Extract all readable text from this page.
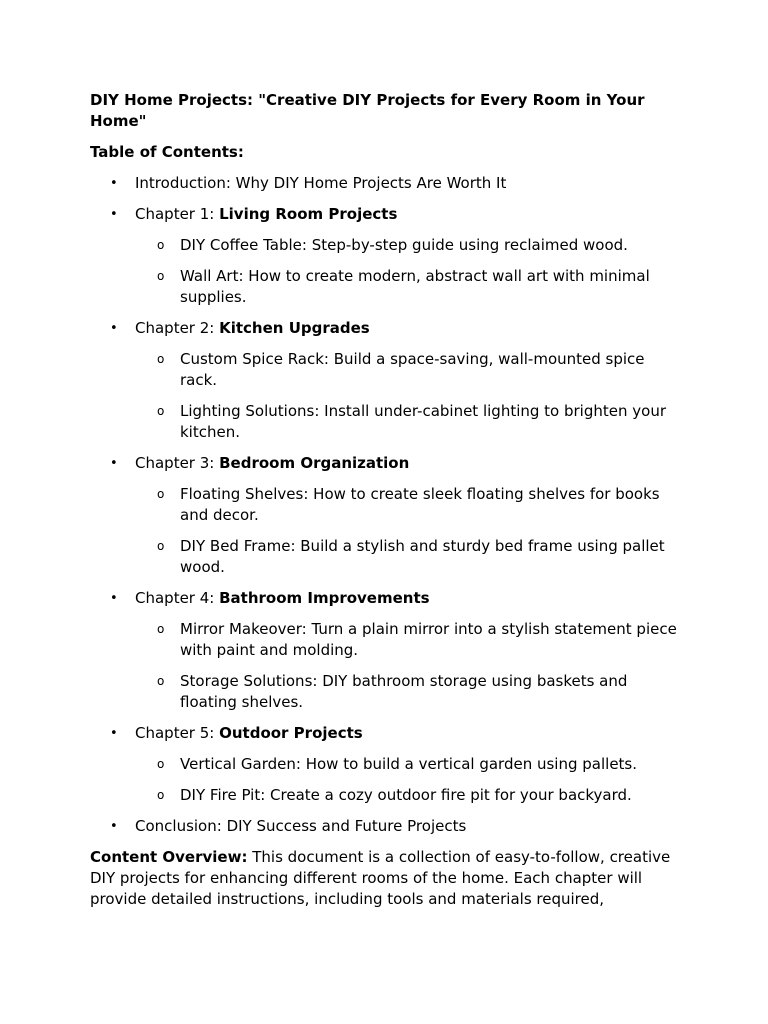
DIY Home Projects: "Creative DIY Projects for Every Room in Your Home"

Table of Contents:

• Introduction: Why DIY Home Projects Are Worth It
• Chapter 1: Living Room Projects
o DIY Coffee Table: Step-by-step guide using reclaimed wood.
o Wall Art: How to create modern, abstract wall art with minimal supplies.
• Chapter 2: Kitchen Upgrades
o Custom Spice Rack: Build a space-saving, wall-mounted spice rack.
o Lighting Solutions: Install under-cabinet lighting to brighten your kitchen.
• Chapter 3: Bedroom Organization
o Floating Shelves: How to create sleek floating shelves for books and decor.
o DIY Bed Frame: Build a stylish and sturdy bed frame using pallet wood.
• Chapter 4: Bathroom Improvements
o Mirror Makeover: Turn a plain mirror into a stylish statement piece with paint and molding.
o Storage Solutions: DIY bathroom storage using baskets and floating shelves.
• Chapter 5: Outdoor Projects
o Vertical Garden: How to build a vertical garden using pallets.
o DIY Fire Pit: Create a cozy outdoor fire pit for your backyard.
• Conclusion: DIY Success and Future Projects

Content Overview: This document is a collection of easy-to-follow, creative DIY projects for enhancing different rooms of the home. Each chapter will provide detailed instructions, including tools and materials required,
